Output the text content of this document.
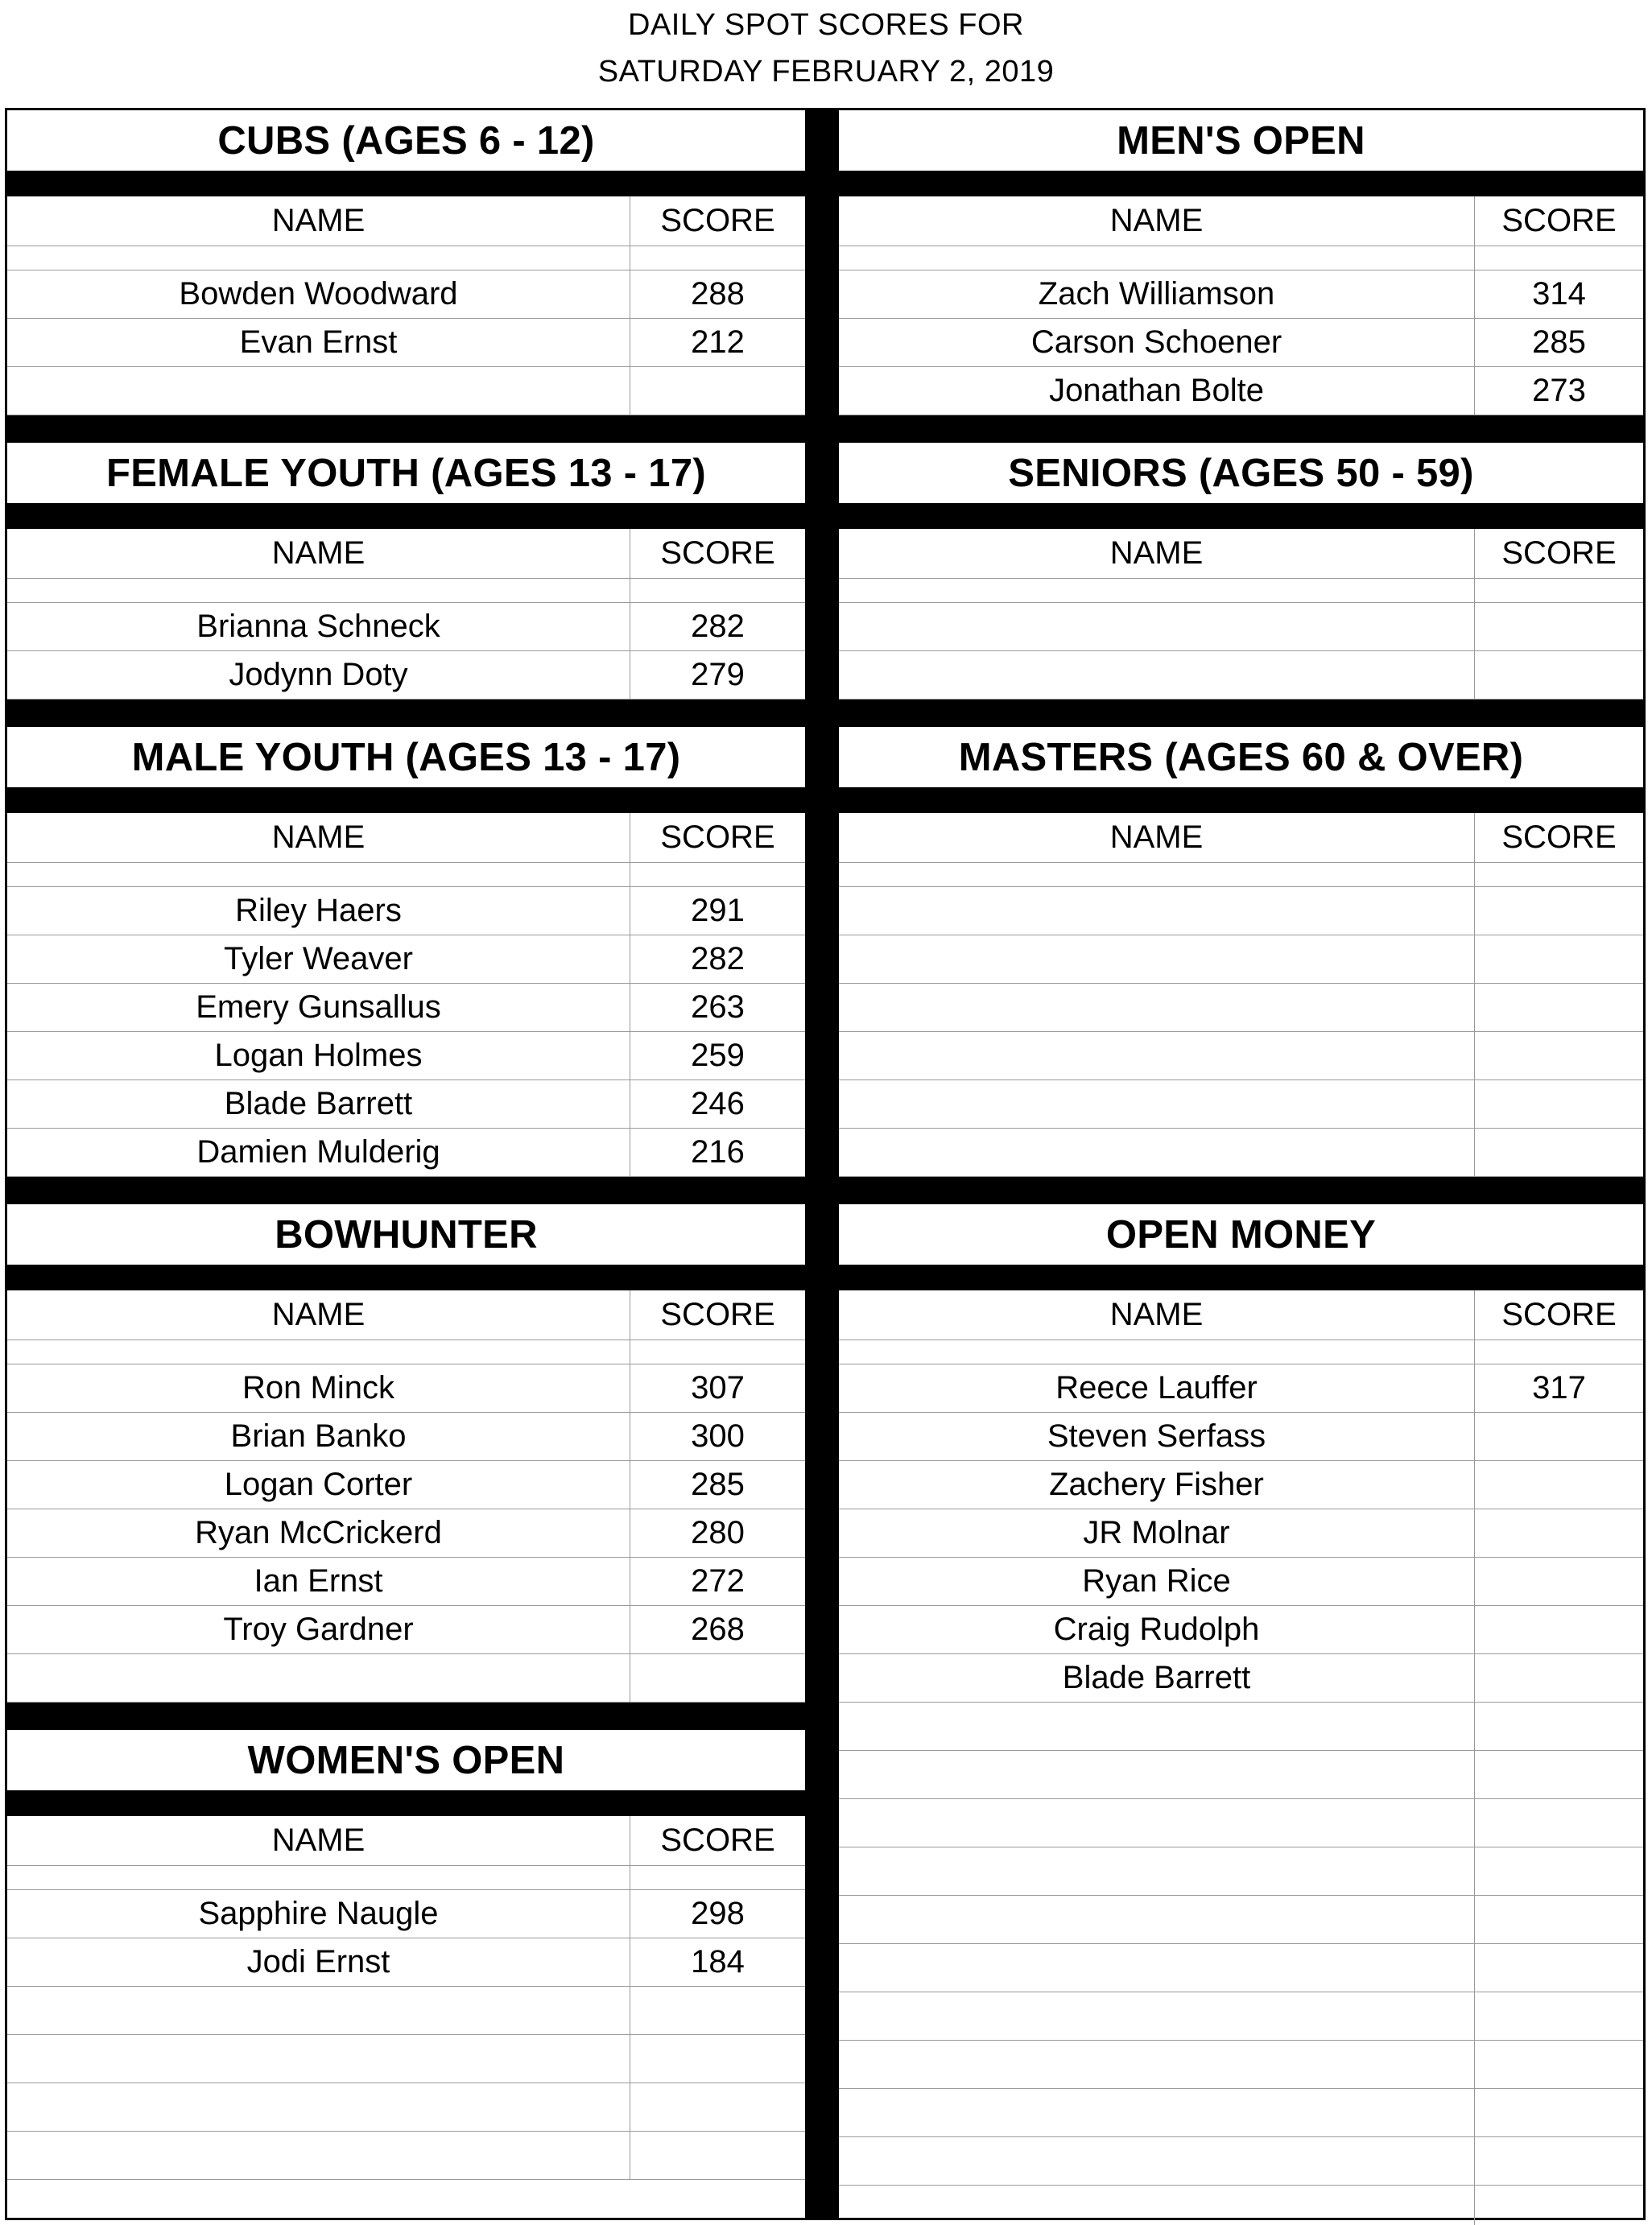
DAILY SPOT SCORES FOR
SATURDAY FEBRUARY 2, 2019
CUBS (AGES 6 - 12)
NAME	SCORE
Bowden Woodward	288
Evan Ernst	212
FEMALE YOUTH (AGES 13 - 17)
NAME	SCORE
Brianna Schneck	282
Jodynn Doty	279
MALE YOUTH (AGES 13 - 17)
NAME	SCORE
Riley Haers	291
Tyler Weaver	282
Emery Gunsallus	263
Logan Holmes	259
Blade Barrett	246
Damien Mulderig	216
BOWHUNTER
NAME	SCORE
Ron Minck	307
Brian Banko	300
Logan Corter	285
Ryan McCrickerd	280
Ian Ernst	272
Troy Gardner	268
WOMEN'S OPEN
NAME	SCORE
Sapphire Naugle	298
Jodi Ernst	184
MEN'S OPEN
NAME	SCORE
Zach Williamson	314
Carson Schoener	285
Jonathan Bolte	273
SENIORS (AGES 50 - 59)
NAME	SCORE
MASTERS (AGES 60 & OVER)
NAME	SCORE
OPEN MONEY
NAME	SCORE
Reece Lauffer	317
Steven Serfass
Zachery Fisher
JR Molnar
Ryan Rice
Craig Rudolph
Blade Barrett
